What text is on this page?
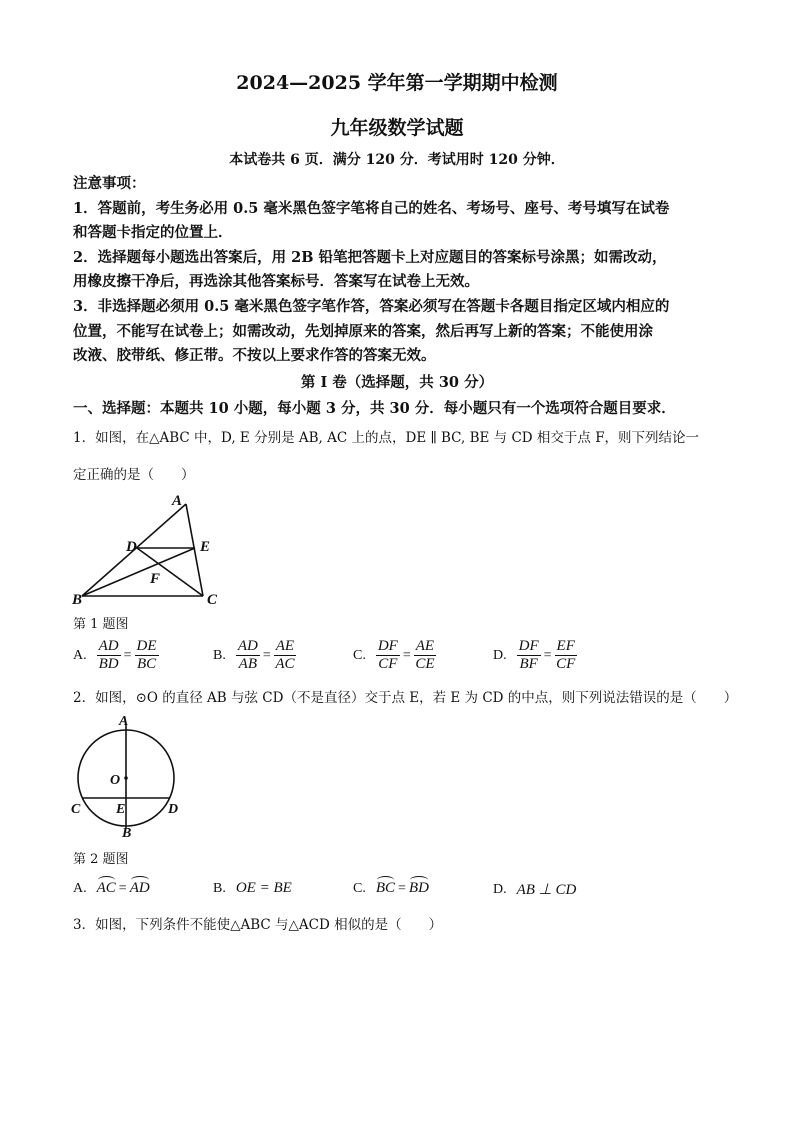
2024—2025 学年第一学期期中检测
九年级数学试题
本试卷共 6 页．满分 120 分．考试用时 120 分钟．
注意事项：
1．答题前，考生务必用 0.5 毫米黑色签字笔将自己的姓名、考场号、座号、考号填写在试卷
和答题卡指定的位置上．
2．选择题每小题选出答案后，用 2B 铅笔把答题卡上对应题目的答案标号涂黑；如需改动，
用橡皮擦干净后，再选涂其他答案标号．答案写在试卷上无效。
3．非选择题必须用 0.5 毫米黑色签字笔作答，答案必须写在答题卡各题目指定区域内相应的
位置，不能写在试卷上；如需改动，先划掉原来的答案，然后再写上新的答案；不能使用涂
改液、胶带纸、修正带。不按以上要求作答的答案无效。
第 I 卷（选择题，共 30 分）
一、选择题：本题共 10 小题，每小题 3 分，共 30 分．每小题只有一个选项符合题目要求．
1．如图，在△ABC 中，D, E 分别是 AB, AC 上的点，DE ∥ BC, BE 与 CD 相交于点 F，则下列结论一
定正确的是（　　）
A
B	C
D	E
F
第 1 题图
A. $\frac{AD}{BD} = \frac{DE}{BC}$	B. $\frac{AD}{AB} = \frac{AE}{AC}$	C. $\frac{DF}{CF} = \frac{AE}{CE}$	D. $\frac{DF}{BF} = \frac{EF}{CF}$
2．如图，⊙O 的直径 AB 与弦 CD（不是直径）交于点 E，若 E 为 CD 的中点，则下列说法错误的是（　　）
A
B
C	D
E
O
第 2 题图
A. AC = AD	B. OE = BE	C. BC = BD	D. AB ⊥ CD
3．如图，下列条件不能使△ABC 与△ACD 相似的是（　　）
